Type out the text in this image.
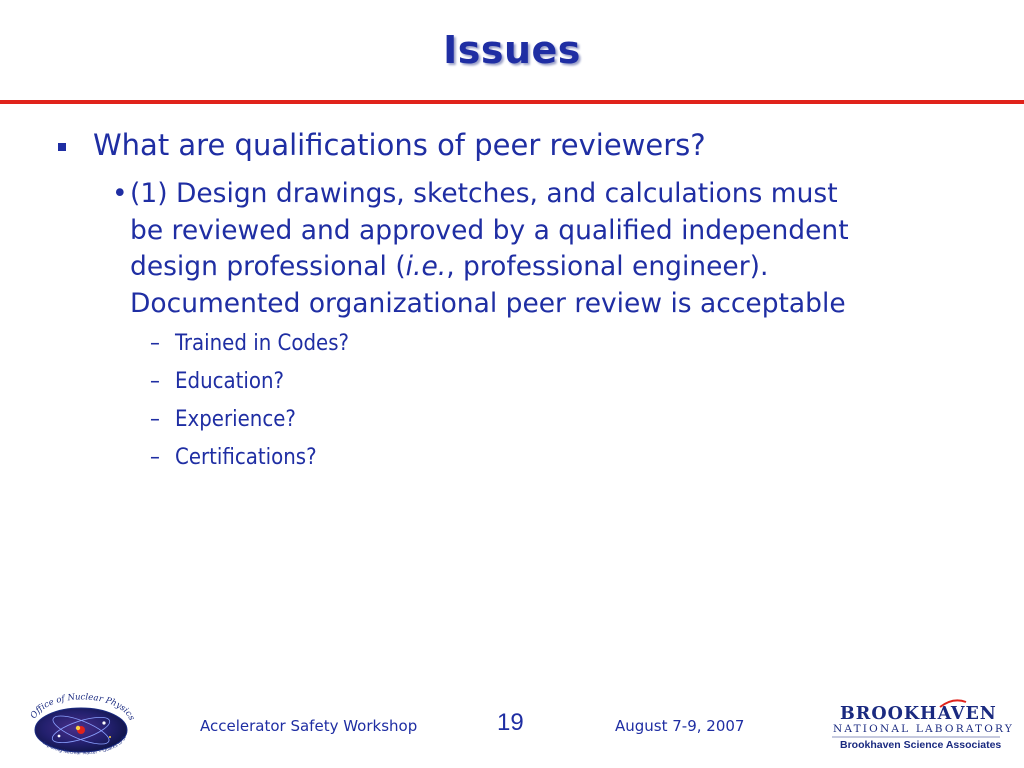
Issues
What are qualifications of peer reviewers?
• (1) Design drawings, sketches, and calculations must
be reviewed and approved by a qualified independent
design professional (i.e., professional engineer).
Documented organizational peer review is acceptable
– Trained in Codes?
– Education?
– Experience?
– Certifications?
Office of Nuclear Physics
Exploring Nuclear Matter – Quarks to St
Accelerator Safety Workshop	19	August 7-9, 2007
BROOKHAVEN
NATIONAL LABORATORY
Brookhaven Science Associates
